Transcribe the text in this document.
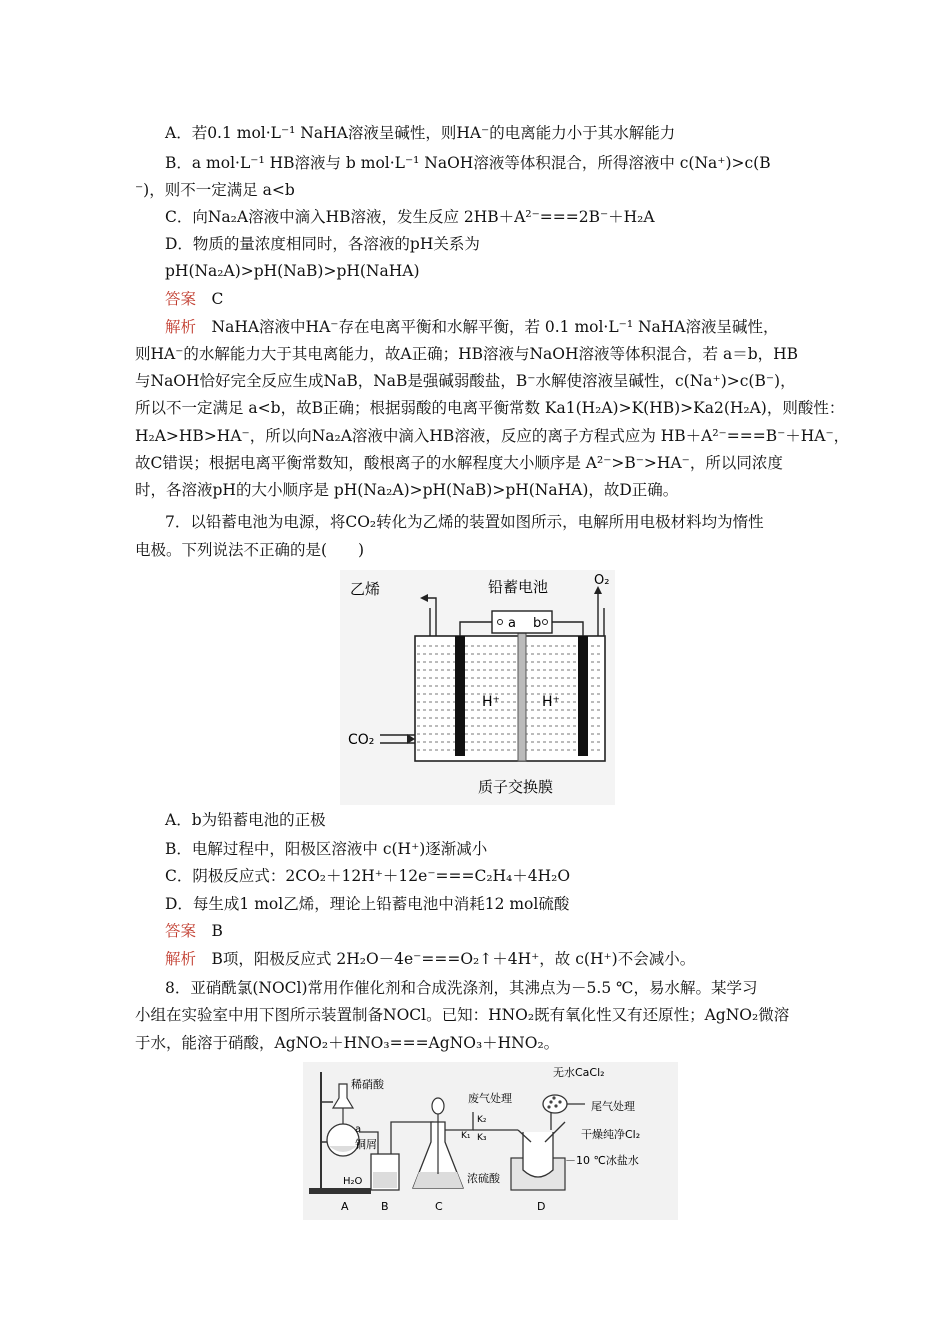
A．若0.1 mol·L⁻¹ NaHA溶液呈碱性，则HA⁻的电离能力小于其水解能力
B．a mol·L⁻¹ HB溶液与 b mol·L⁻¹ NaOH溶液等体积混合，所得溶液中 c(Na⁺)>c(B
⁻)，则不一定满足 a<b
C．向Na₂A溶液中滴入HB溶液，发生反应 2HB＋A²⁻===2B⁻＋H₂A
D．物质的量浓度相同时，各溶液的pH关系为
pH(Na₂A)>pH(NaB)>pH(NaHA)
答案　 C
解析　 NaHA溶液中HA⁻存在电离平衡和水解平衡，若 0.1 mol·L⁻¹ NaHA溶液呈碱性，
则HA⁻的水解能力大于其电离能力，故A正确；HB溶液与NaOH溶液等体积混合，若 a＝b，HB
与NaOH恰好完全反应生成NaB，NaB是强碱弱酸盐，B⁻水解使溶液呈碱性，c(Na⁺)>c(B⁻)，
所以不一定满足 a<b，故B正确；根据弱酸的电离平衡常数 Ka1(H₂A)>K(HB)>Ka2(H₂A)，则酸性：
H₂A>HB>HA⁻，所以向Na₂A溶液中滴入HB溶液，反应的离子方程式应为 HB＋A²⁻===B⁻＋HA⁻，
故C错误；根据电离平衡常数知，酸根离子的水解程度大小顺序是 A²⁻>B⁻>HA⁻，所以同浓度
时，各溶液pH的大小顺序是 pH(Na₂A)>pH(NaB)>pH(NaHA)，故D正确。
7．以铅蓄电池为电源，将CO₂转化为乙烯的装置如图所示，电解所用电极材料均为惰性
电极。下列说法不正确的是(　　)
a b
铅蓄电池
乙烯	O₂
H⁺	H⁺
CO₂
质子交换膜
A．b为铅蓄电池的正极
B．电解过程中，阳极区溶液中 c(H⁺)逐渐减小
C．阴极反应式：2CO₂＋12H⁺＋12e⁻===C₂H₄＋4H₂O
D．每生成1 mol乙烯，理论上铅蓄电池中消耗12 mol硫酸
答案　 B
解析　 B项，阳极反应式 2H₂O－4e⁻===O₂↑＋4H⁺，故 c(H⁺)不会减小。
8．亚硝酰氯(NOCl)常用作催化剂和合成洗涤剂，其沸点为－5.5 ℃，易水解。某学习
小组在实验室中用下图所示装置制备NOCl。已知：HNO₂既有氧化性又有还原性；AgNO₂微溶
于水，能溶于硝酸，AgNO₂＋HNO₃===AgNO₃＋HNO₂。
稀硝酸
a
铜屑
H₂O	浓硫酸
废气处理
K₂
K₁ K₃
无水CaCl₂
尾气处理
干燥纯净Cl₂
－10 ℃冰盐水
A	B	C	D
